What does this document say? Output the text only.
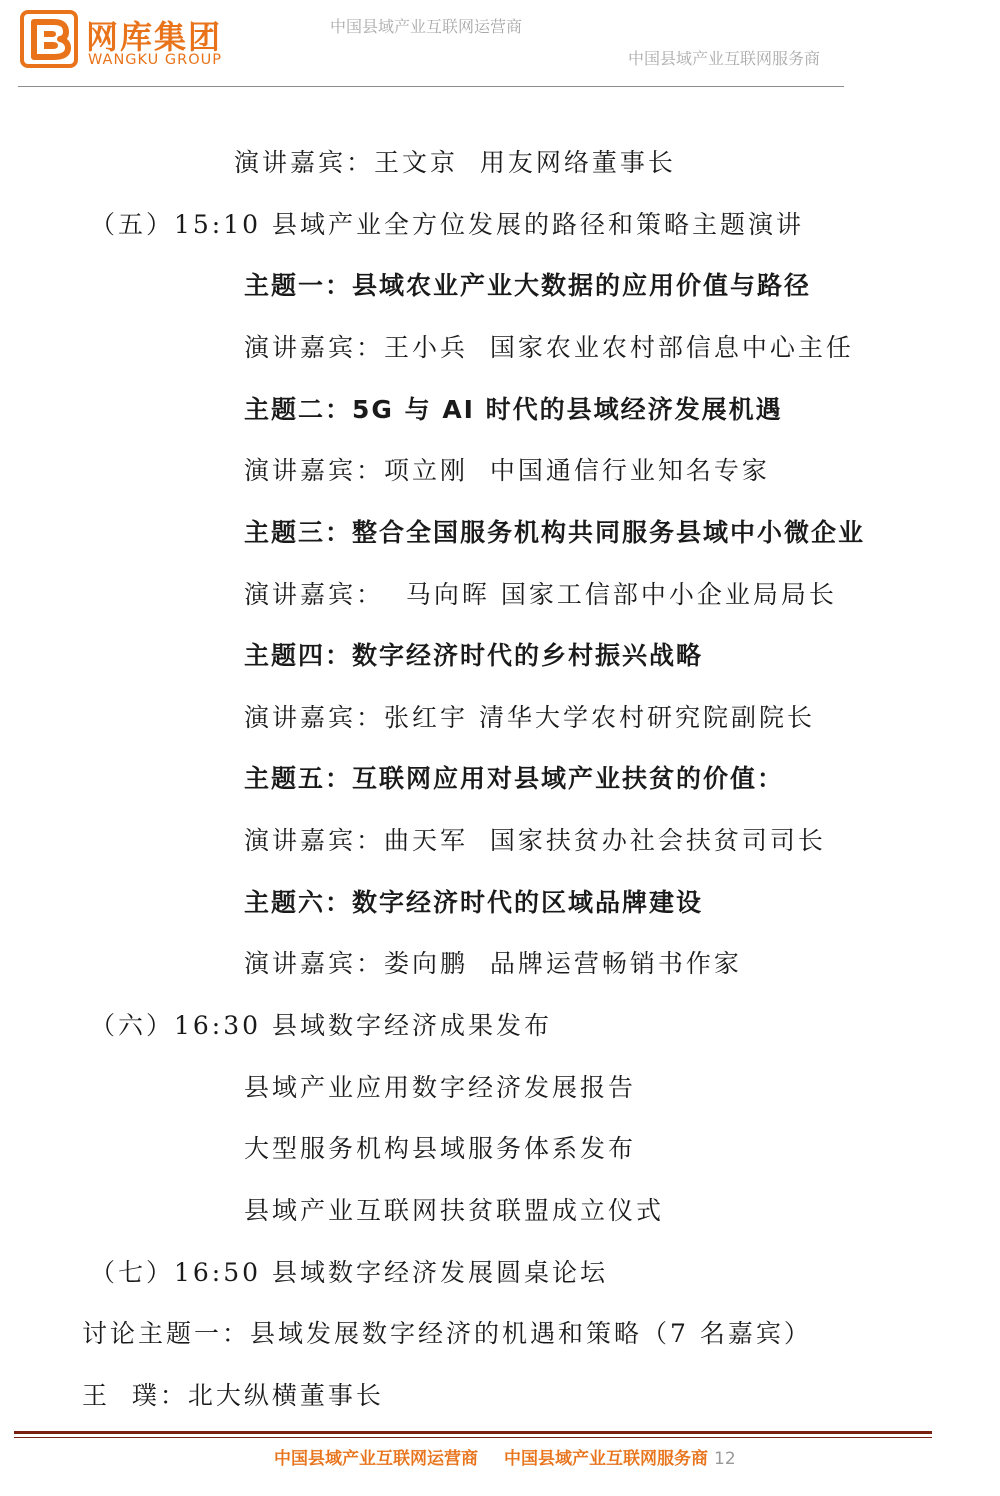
网库集团
WANGKU GROUP
中国县域产业互联网运营商
中国县域产业互联网服务商
演讲嘉宾：王文京  用友网络董事长
（五）15:10 县域产业全方位发展的路径和策略主题演讲
主题一：县域农业产业大数据的应用价值与路径
演讲嘉宾：王小兵  国家农业农村部信息中心主任
主题二：5G 与 AI 时代的县域经济发展机遇
演讲嘉宾：项立刚  中国通信行业知名专家
主题三：整合全国服务机构共同服务县域中小微企业
演讲嘉宾：  马向晖 国家工信部中小企业局局长
主题四：数字经济时代的乡村振兴战略
演讲嘉宾：张红宇 清华大学农村研究院副院长
主题五：互联网应用对县域产业扶贫的价值：
演讲嘉宾：曲天军  国家扶贫办社会扶贫司司长
主题六：数字经济时代的区域品牌建设
演讲嘉宾：娄向鹏  品牌运营畅销书作家
（六）16:30 县域数字经济成果发布
县域产业应用数字经济发展报告
大型服务机构县域服务体系发布
县域产业互联网扶贫联盟成立仪式
（七）16:50 县域数字经济发展圆桌论坛
讨论主题一：县域发展数字经济的机遇和策略（7 名嘉宾）
王  璞：北大纵横董事长
中国县域产业互联网运营商 中国县域产业互联网服务商 12
